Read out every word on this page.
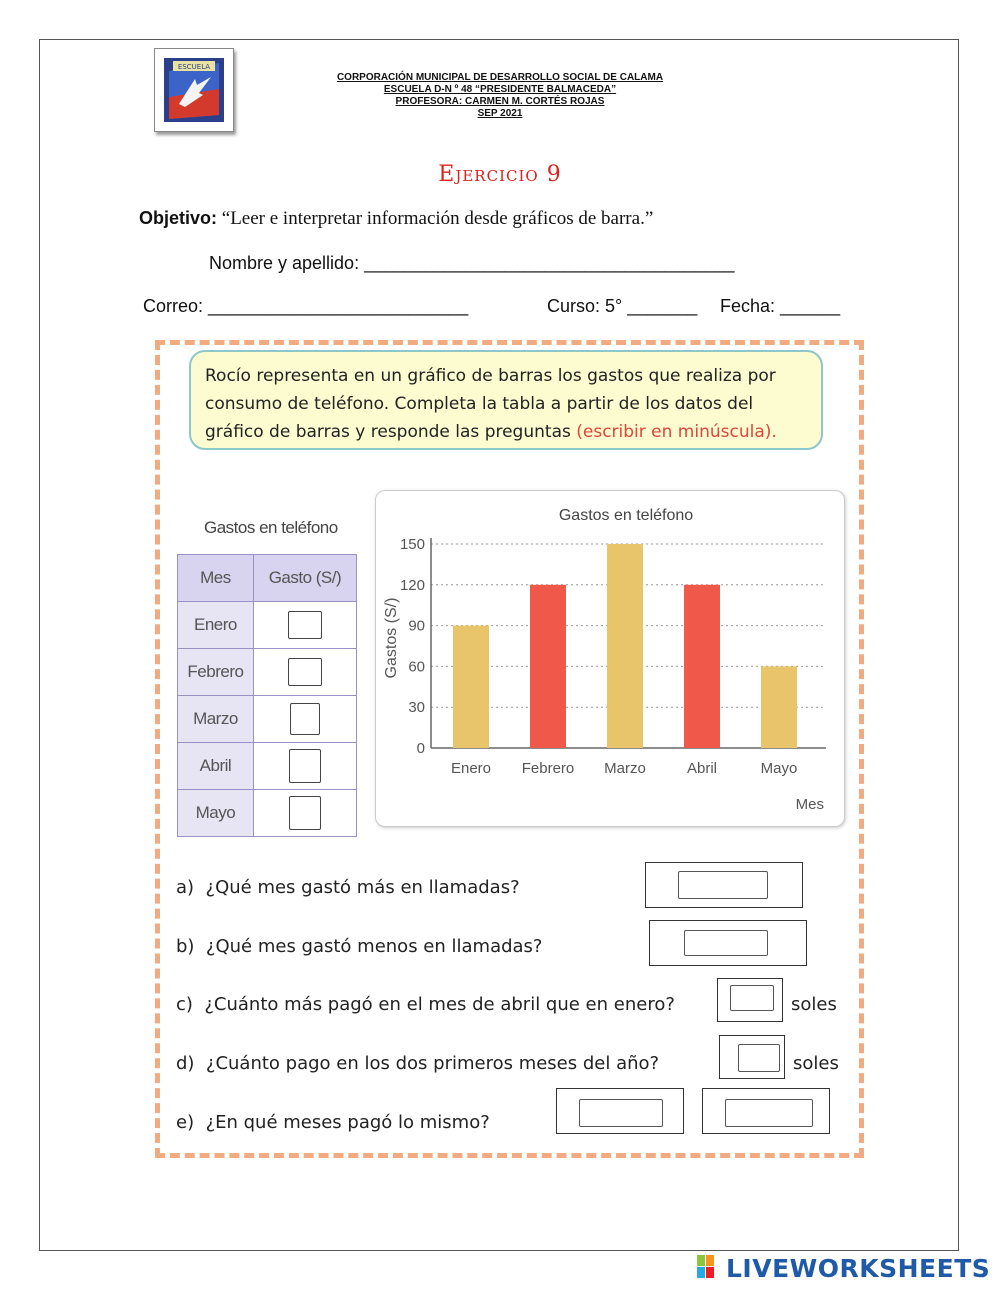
ESCUELA
CORPORACIÓN MUNICIPAL DE DESARROLLO SOCIAL DE CALAMA
ESCUELA D-N º 48 “PRESIDENTE BALMACEDA”
PROFESORA: CARMEN M. CORTÉS ROJAS
SEP 2021
Ejercicio 9
Objetivo: “Leer e interpretar información desde gráficos de barra.”
Nombre y apellido: _____________________________________
Correo: __________________________	Curso: 5° _______ Fecha: ______
Rocío representa en un gráfico de barras los gastos que realiza por consumo de teléfono. Completa la tabla a partir de los datos del gráfico de barras y responde las preguntas (escribir en minúscula).
Gastos en teléfono
Mes	Gasto (S/)
Enero	
Febrero	
Marzo	
Abril	
Mayo	
Gastos en teléfono
Gastos (S/)
Mes
0
30
60
90
120
150
Enero Febrero Marzo	Abril	Mayo
a) ¿Qué mes gastó más en llamadas?
b) ¿Qué mes gastó menos en llamadas?
c) ¿Cuánto más pagó en el mes de abril que en enero?	soles
d) ¿Cuánto pago en los dos primeros meses del año?	soles
e) ¿En qué meses pagó lo mismo?
LIVEWORKSHEETS
